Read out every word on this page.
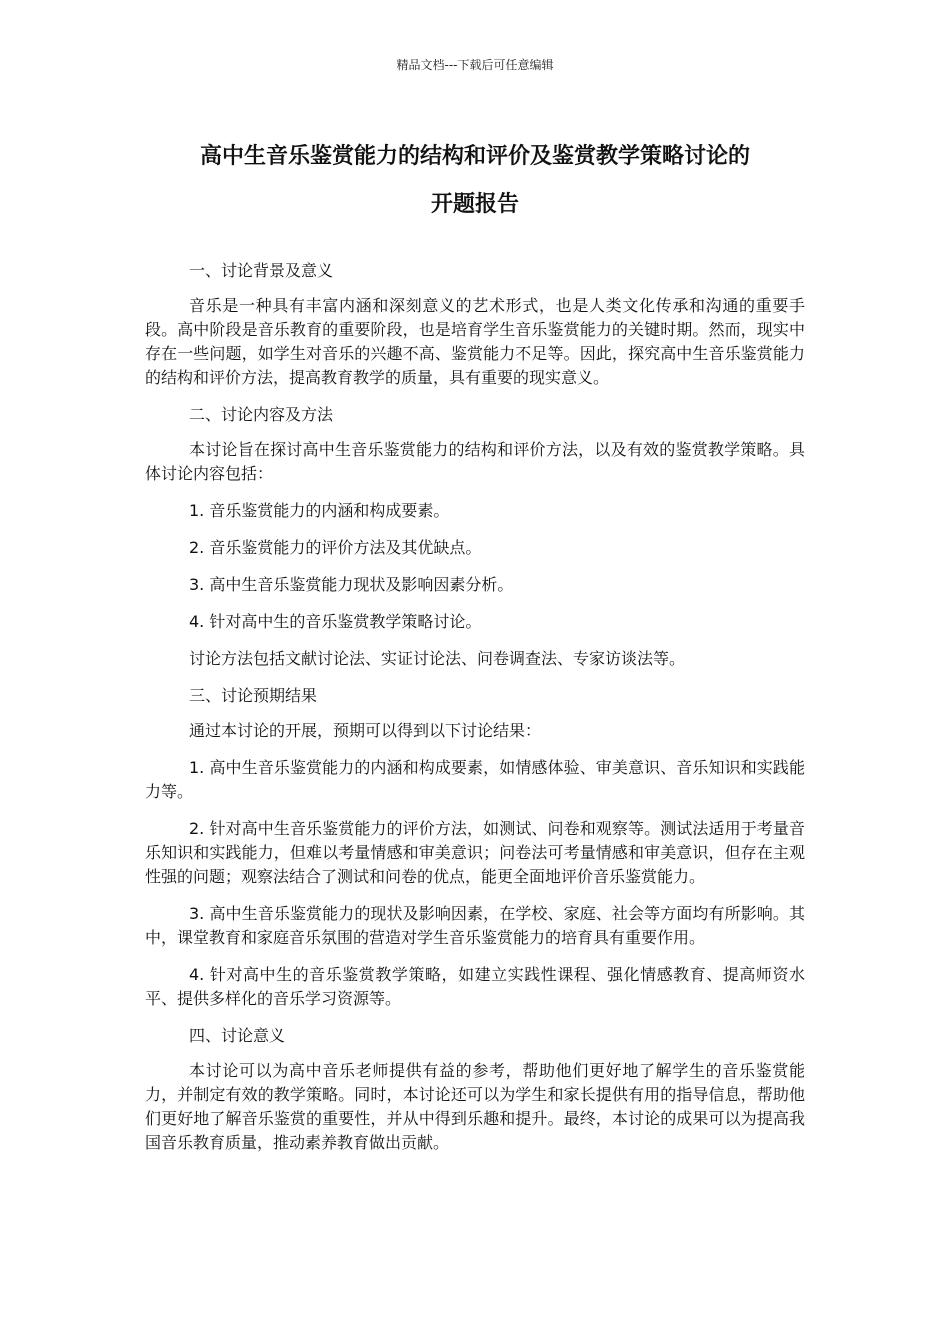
精品文档---下载后可任意编辑
高中生音乐鉴赏能力的结构和评价及鉴赏教学策略讨论的
开题报告

一、讨论背景及意义

音乐是一种具有丰富内涵和深刻意义的艺术形式，也是人类文化传承和沟通的重要手段。高中阶段是音乐教育的重要阶段，也是培育学生音乐鉴赏能力的关键时期。然而，现实中存在一些问题，如学生对音乐的兴趣不高、鉴赏能力不足等。因此，探究高中生音乐鉴赏能力的结构和评价方法，提高教育教学的质量，具有重要的现实意义。

二、讨论内容及方法

本讨论旨在探讨高中生音乐鉴赏能力的结构和评价方法，以及有效的鉴赏教学策略。具体讨论内容包括：

1. 音乐鉴赏能力的内涵和构成要素。

2. 音乐鉴赏能力的评价方法及其优缺点。

3. 高中生音乐鉴赏能力现状及影响因素分析。

4. 针对高中生的音乐鉴赏教学策略讨论。

讨论方法包括文献讨论法、实证讨论法、问卷调查法、专家访谈法等。

三、讨论预期结果

通过本讨论的开展，预期可以得到以下讨论结果：

1. 高中生音乐鉴赏能力的内涵和构成要素，如情感体验、审美意识、音乐知识和实践能力等。

2. 针对高中生音乐鉴赏能力的评价方法，如测试、问卷和观察等。测试法适用于考量音乐知识和实践能力，但难以考量情感和审美意识；问卷法可考量情感和审美意识，但存在主观性强的问题；观察法结合了测试和问卷的优点，能更全面地评价音乐鉴赏能力。

3. 高中生音乐鉴赏能力的现状及影响因素，在学校、家庭、社会等方面均有所影响。其中，课堂教育和家庭音乐氛围的营造对学生音乐鉴赏能力的培育具有重要作用。

4. 针对高中生的音乐鉴赏教学策略，如建立实践性课程、强化情感教育、提高师资水平、提供多样化的音乐学习资源等。

四、讨论意义

本讨论可以为高中音乐老师提供有益的参考，帮助他们更好地了解学生的音乐鉴赏能力，并制定有效的教学策略。同时，本讨论还可以为学生和家长提供有用的指导信息，帮助他们更好地了解音乐鉴赏的重要性，并从中得到乐趣和提升。最终，本讨论的成果可以为提高我国音乐教育质量，推动素养教育做出贡献。
